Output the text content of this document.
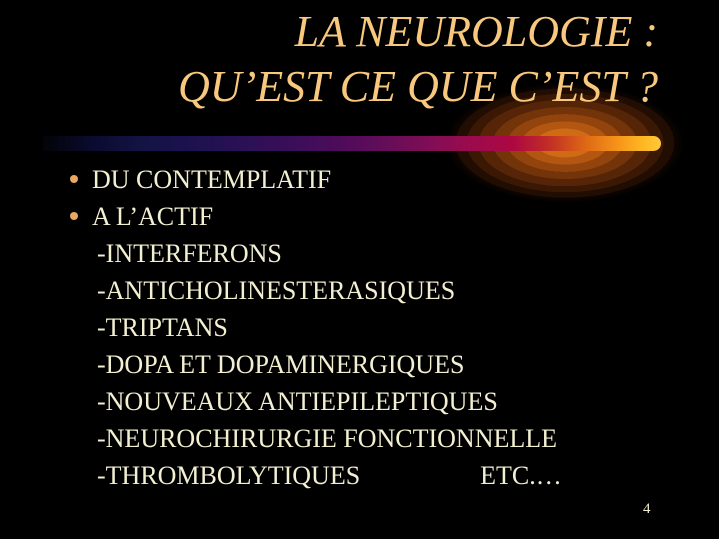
LA NEUROLOGIE :
QU’EST CE QUE C’EST ?
DU CONTEMPLATIF
A L’ACTIF
-INTERFERONS
-ANTICHOLINESTERASIQUES
-TRIPTANS
-DOPA ET DOPAMINERGIQUES
-NOUVEAUX ANTIEPILEPTIQUES
-NEUROCHIRURGIE FONCTIONNELLE
-THROMBOLYTIQUES	ETC.…
4
